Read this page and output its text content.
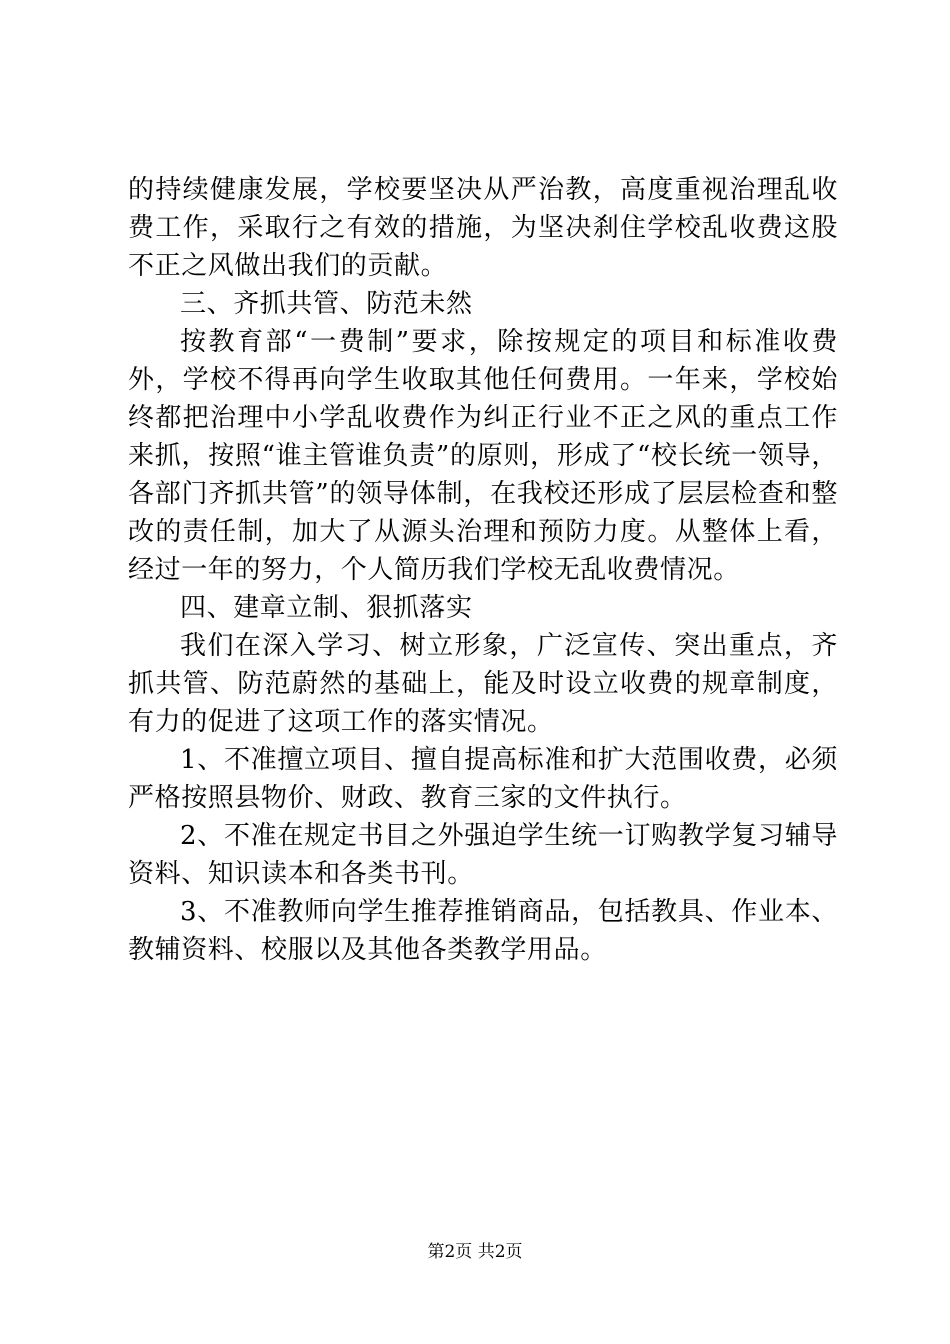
的持续健康发展，学校要坚决从严治教，高度重视治理乱收费工作，采取行之有效的措施，为坚决刹住学校乱收费这股不正之风做出我们的贡献。

三、齐抓共管、防范未然

按教育部“一费制”要求，除按规定的项目和标准收费外，学校不得再向学生收取其他任何费用。一年来，学校始终都把治理中小学乱收费作为纠正行业不正之风的重点工作来抓，按照“谁主管谁负责”的原则，形成了“校长统一领导，各部门齐抓共管”的领导体制，在我校还形成了层层检查和整改的责任制，加大了从源头治理和预防力度。从整体上看，经过一年的努力，个人简历我们学校无乱收费情况。

四、建章立制、狠抓落实

我们在深入学习、树立形象，广泛宣传、突出重点，齐抓共管、防范蔚然的基础上，能及时设立收费的规章制度，有力的促进了这项工作的落实情况。

1、不准擅立项目、擅自提高标准和扩大范围收费，必须严格按照县物价、财政、教育三家的文件执行。

2、不准在规定书目之外强迫学生统一订购教学复习辅导资料、知识读本和各类书刊。

3、不准教师向学生推荐推销商品，包括教具、作业本、教辅资料、校服以及其他各类教学用品。

第2页 共2页
